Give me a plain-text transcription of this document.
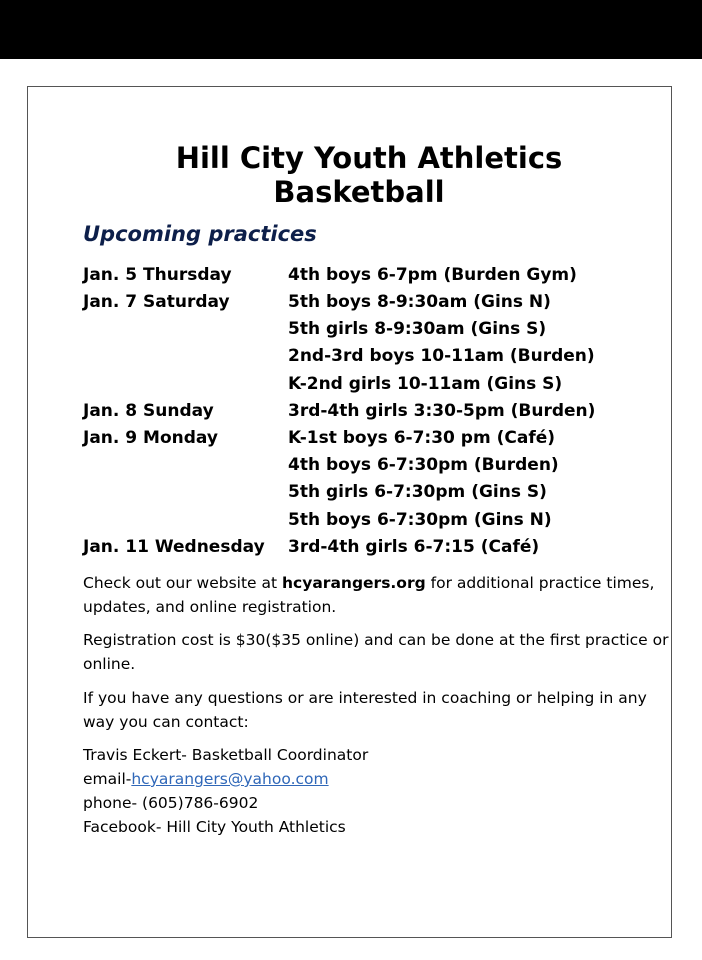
Hill City Youth Athletics
Basketball
Upcoming practices
Jan. 5 Thursday	4th boys 6-7pm (Burden Gym)
Jan. 7 Saturday	5th boys 8-9:30am (Gins N)
5th girls 8-9:30am (Gins S)
2nd-3rd boys 10-11am (Burden)
K-2nd girls 10-11am (Gins S)
Jan. 8 Sunday	3rd-4th girls 3:30-5pm (Burden)
Jan. 9 Monday	K-1st boys 6-7:30 pm (Café)
4th boys 6-7:30pm (Burden)
5th girls 6-7:30pm (Gins S)
5th boys 6-7:30pm (Gins N)
Jan. 11 Wednesday 3rd-4th girls 6-7:15 (Café)

Check out our website at hcyarangers.org for additional practice times, updates, and online registration.

Registration cost is $30($35 online) and can be done at the first practice or online.

If you have any questions or are interested in coaching or helping in any way you can contact:

Travis Eckert- Basketball Coordinator
email-hcyarangers@yahoo.com
phone- (605)786-6902
Facebook- Hill City Youth Athletics
